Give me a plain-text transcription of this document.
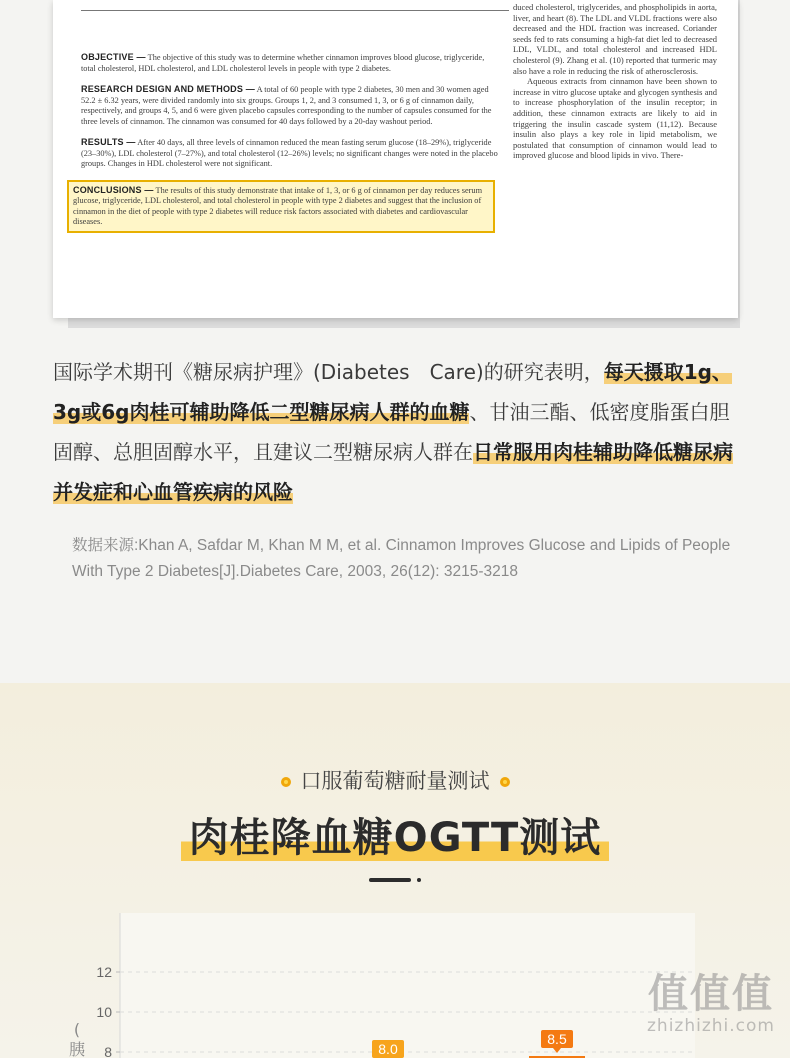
OBJECTIVE — The objective of this study was to determine whether cinnamon improves blood glucose, triglyceride, total cholesterol, HDL cholesterol, and LDL cholesterol levels in people with type 2 diabetes.

RESEARCH DESIGN AND METHODS — A total of 60 people with type 2 diabetes, 30 men and 30 women aged 52.2 ± 6.32 years, were divided randomly into six groups. Groups 1, 2, and 3 consumed 1, 3, or 6 g of cinnamon daily, respectively, and groups 4, 5, and 6 were given placebo capsules corresponding to the number of capsules consumed for the three levels of cinnamon. The cinnamon was consumed for 40 days followed by a 20-day washout period.

RESULTS — After 40 days, all three levels of cinnamon reduced the mean fasting serum glucose (18–29%), triglyceride (23–30%), LDL cholesterol (7–27%), and total cholesterol (12–26%) levels; no significant changes were noted in the placebo groups. Changes in HDL cholesterol were not significant.

CONCLUSIONS — The results of this study demonstrate that intake of 1, 3, or 6 g of cinnamon per day reduces serum glucose, triglyceride, LDL cholesterol, and total cholesterol in people with type 2 diabetes and suggest that the inclusion of cinnamon in the diet of people with type 2 diabetes will reduce risk factors associated with diabetes and cardiovascular diseases.

duced cholesterol, triglycerides, and phospholipids in aorta, liver, and heart (8). The LDL and VLDL fractions were also decreased and the HDL fraction was increased. Coriander seeds fed to rats consuming a high-fat diet led to decreased LDL, VLDL, and total cholesterol and increased HDL cholesterol (9). Zhang et al. (10) reported that turmeric may also have a role in reducing the risk of atherosclerosis.

Aqueous extracts from cinnamon have been shown to increase in vitro glucose uptake and glycogen synthesis and to increase phosphorylation of the insulin receptor; in addition, these cinnamon extracts are likely to aid in triggering the insulin cascade system (11,12). Because insulin also plays a key role in lipid metabolism, we postulated that consumption of cinnamon would lead to improved glucose and blood lipids in vivo. There-

国际学术期刊《糖尿病护理》(Diabetes　Care)的研究表明，每天摄取1g、3g或6g肉桂可辅助降低二型糖尿病人群的血糖、甘油三酯、低密度脂蛋白胆固醇、总胆固醇水平，且建议二型糖尿病人群在日常服用肉桂辅助降低糖尿病并发症和心血管疾病的风险
数据来源:Khan A, Safdar M, Khan M M, et al. Cinnamon Improves Glucose and Lipids of People With Type 2 Diabetes[J].Diabetes Care, 2003, 26(12): 3215-3218
口服葡萄糖耐量测试
肉桂降血糖OGTT测试
12
10
8
(
胰	8.0
8.5
值值值
zhizhizhi.com
